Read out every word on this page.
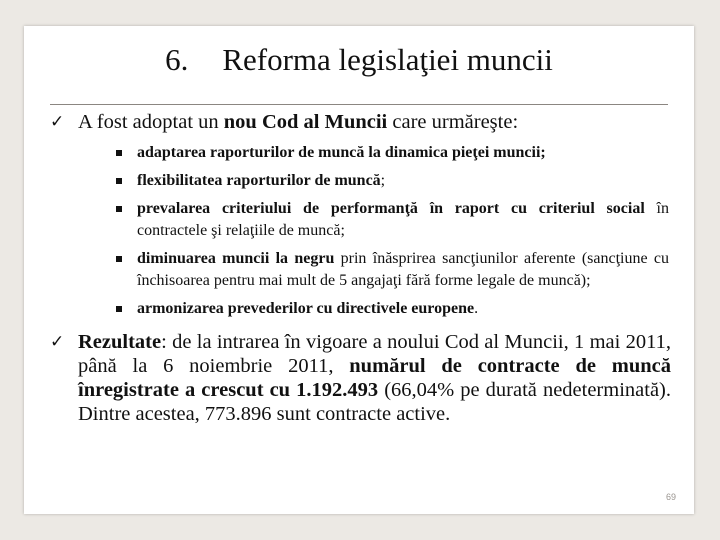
6. Reforma legislaţiei muncii
✓ A fost adoptat un nou Cod al Muncii care urmăreşte:
adaptarea raporturilor de muncă la dinamica pieţei muncii;
flexibilitatea raporturilor de muncă;
prevalarea criteriului de performanţă în raport cu criteriul social în contractele şi relaţiile de muncă;
diminuarea muncii la negru prin înăsprirea sancţiunilor aferente (sancţiune cu închisoarea pentru mai mult de 5 angajaţi fără forme legale de muncă);
armonizarea prevederilor cu directivele europene.
✓ Rezultate: de la intrarea în vigoare a noului Cod al Muncii, 1 mai 2011, până la 6 noiembrie 2011, numărul de contracte de muncă înregistrate a crescut cu 1.192.493 (66,04% pe durată nedeterminată). Dintre acestea, 773.896 sunt contracte active.
69
